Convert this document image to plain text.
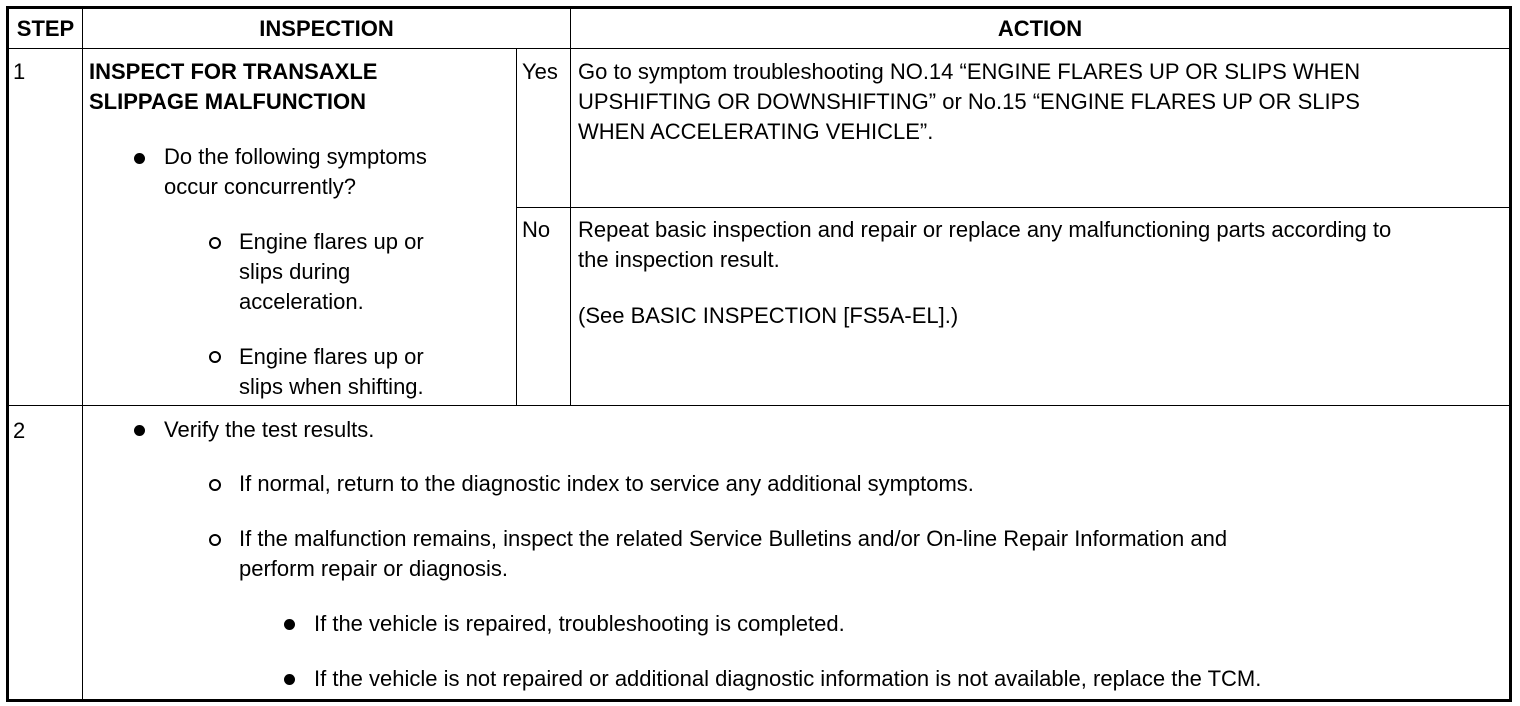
STEP	INSPECTION	ACTION
1	INSPECT FOR TRANSAXLE
SLIPPAGE MALFUNCTION
Do the following symptoms
occur concurrently?
Engine flares up or
slips during
acceleration.
Engine flares up or
slips when shifting.
Yes Go to symptom troubleshooting NO.14 “ENGINE FLARES UP OR SLIPS WHEN
UPSHIFTING OR DOWNSHIFTING” or No.15 “ENGINE FLARES UP OR SLIPS
WHEN ACCELERATING VEHICLE”.
No Repeat basic inspection and repair or replace any malfunctioning parts according to
the inspection result.
(See BASIC INSPECTION [FS5A-EL].)
2	Verify the test results.
If normal, return to the diagnostic index to service any additional symptoms.
If the malfunction remains, inspect the related Service Bulletins and/or On-line Repair Information and
perform repair or diagnosis.
If the vehicle is repaired, troubleshooting is completed.
If the vehicle is not repaired or additional diagnostic information is not available, replace the TCM.
